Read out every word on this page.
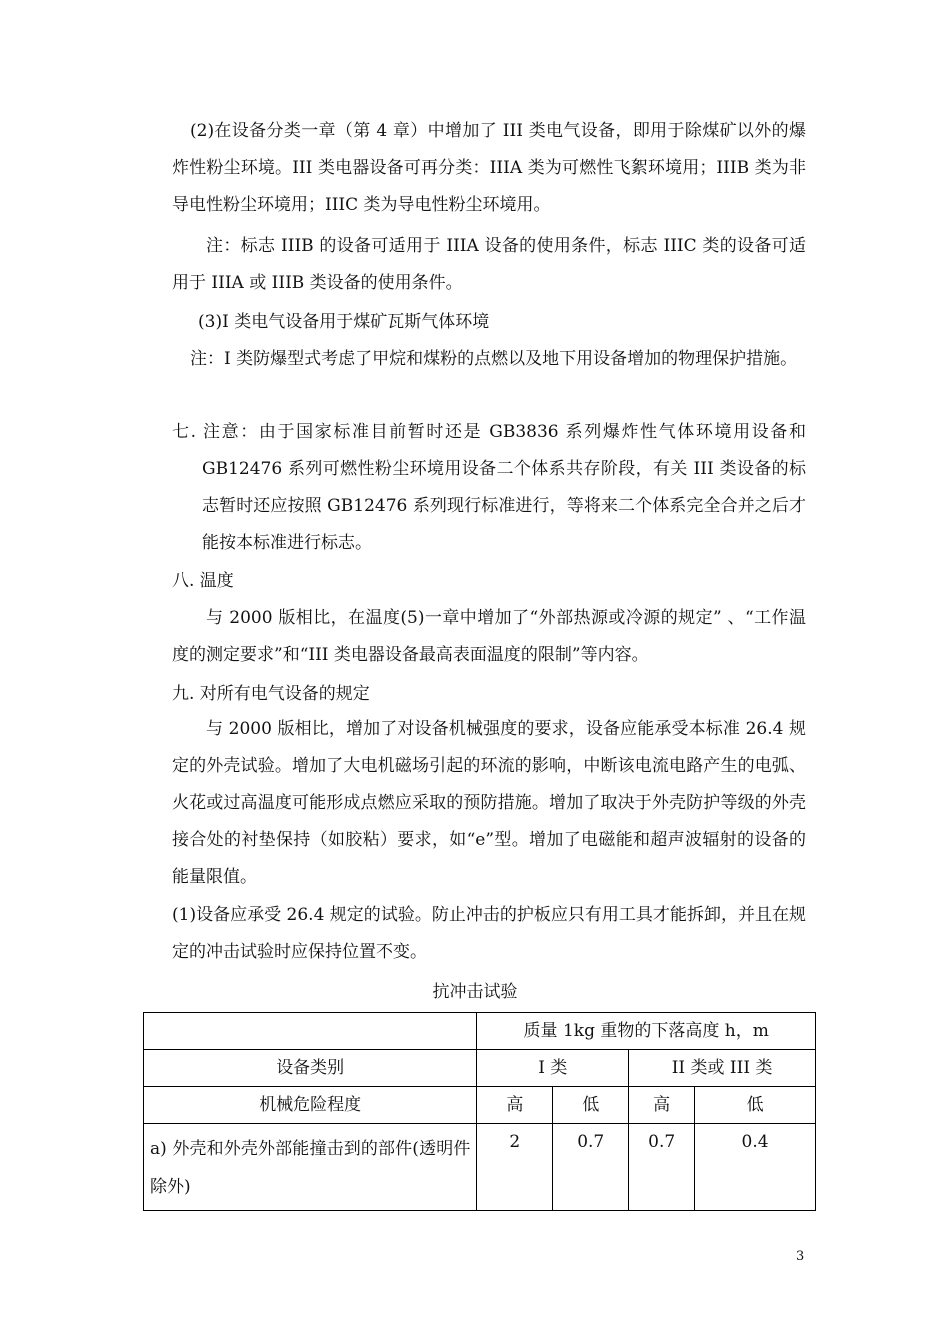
(2)在设备分类一章（第 4 章）中增加了 III 类电气设备，即用于除煤矿以外的爆炸性粉尘环境。III 类电器设备可再分类：IIIA 类为可燃性飞絮环境用；IIIB 类为非导电性粉尘环境用；IIIC 类为导电性粉尘环境用。

注：标志 IIIB 的设备可适用于 IIIA 设备的使用条件，标志 IIIC 类的设备可适用于 IIIA 或 IIIB 类设备的使用条件。

(3)I 类电气设备用于煤矿瓦斯气体环境

注：I 类防爆型式考虑了甲烷和煤粉的点燃以及地下用设备增加的物理保护措施。

七. 注意：由于国家标准目前暂时还是 GB3836 系列爆炸性气体环境用设备和 GB12476 系列可燃性粉尘环境用设备二个体系共存阶段，有关 III 类设备的标志暂时还应按照 GB12476 系列现行标准进行，等将来二个体系完全合并之后才能按本标准进行标志。

八. 温度

与 2000 版相比，在温度(5)一章中增加了“外部热源或冷源的规定” 、“工作温度的测定要求”和“III 类电器设备最高表面温度的限制”等内容。

九. 对所有电气设备的规定

与 2000 版相比，增加了对设备机械强度的要求，设备应能承受本标准 26.4 规定的外壳试验。增加了大电机磁场引起的环流的影响，中断该电流电路产生的电弧、火花或过高温度可能形成点燃应采取的预防措施。增加了取决于外壳防护等级的外壳接合处的衬垫保持（如胶粘）要求，如“e”型。增加了电磁能和超声波辐射的设备的能量限值。

(1)设备应承受 26.4 规定的试验。防止冲击的护板应只有用工具才能拆卸，并且在规定的冲击试验时应保持位置不变。

抗冲击试验
	质量 1kg 重物的下落高度 h，m			
设备类别	I 类		II 类或 III 类	
机械危险程度	高	低	高	低
a) 外壳和外壳外部能撞击到的部件(透明件除外)	2	0.7	0.7	0.4
3
